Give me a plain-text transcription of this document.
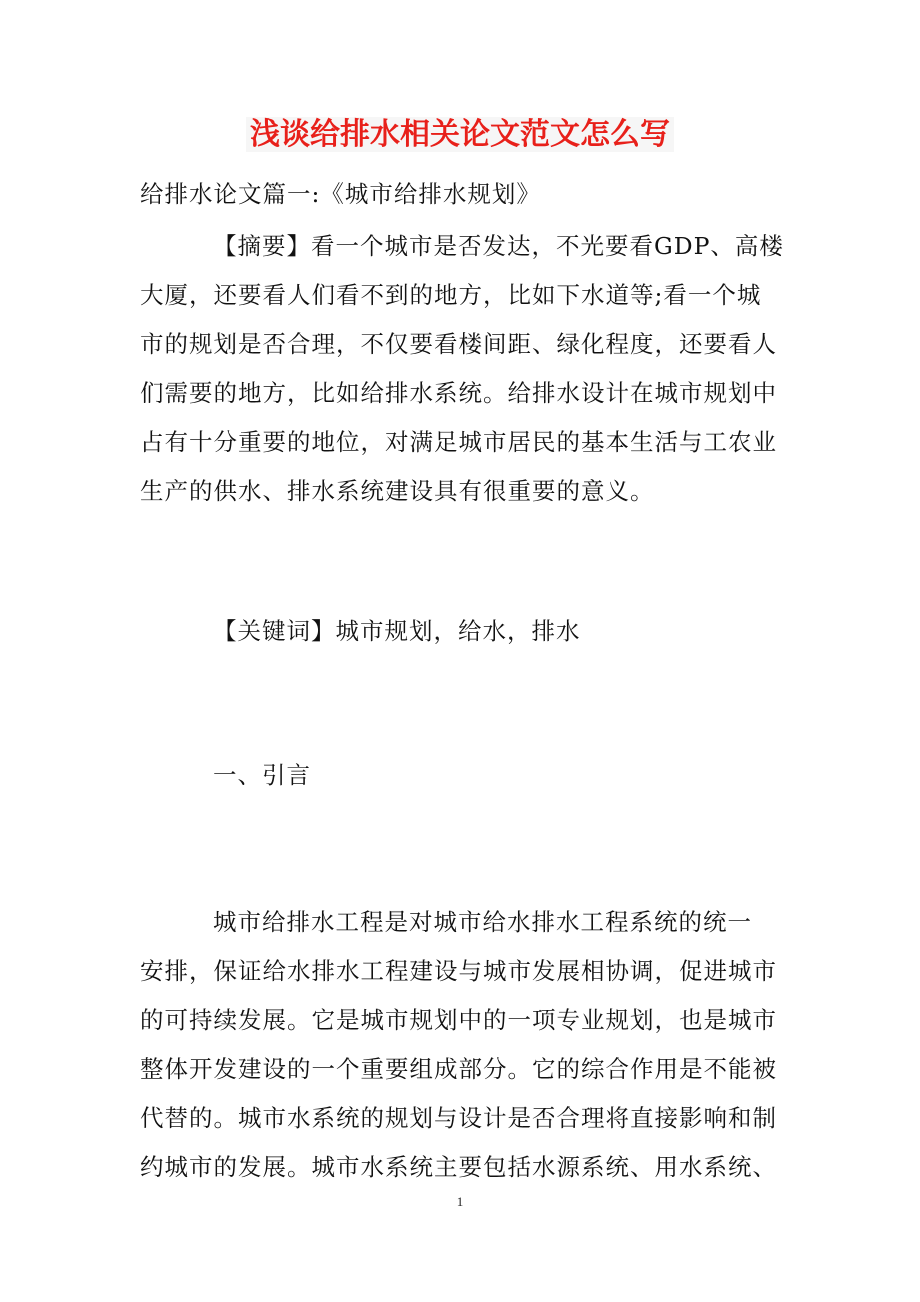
浅谈给排水相关论文范文怎么写
给排水论文篇一:《城市给排水规划》
【摘要】看一个城市是否发达，不光要看GDP、高楼
大厦，还要看人们看不到的地方，比如下水道等;看一个城
市的规划是否合理，不仅要看楼间距、绿化程度，还要看人
们需要的地方，比如给排水系统。给排水设计在城市规划中
占有十分重要的地位，对满足城市居民的基本生活与工农业
生产的供水、排水系统建设具有很重要的意义。
【关键词】城市规划，给水，排水
一、引言
城市给排水工程是对城市给水排水工程系统的统一
安排，保证给水排水工程建设与城市发展相协调，促进城市
的可持续发展。它是城市规划中的一项专业规划，也是城市
整体开发建设的一个重要组成部分。它的综合作用是不能被
代替的。城市水系统的规划与设计是否合理将直接影响和制
约城市的发展。城市水系统主要包括水源系统、用水系统、
1
